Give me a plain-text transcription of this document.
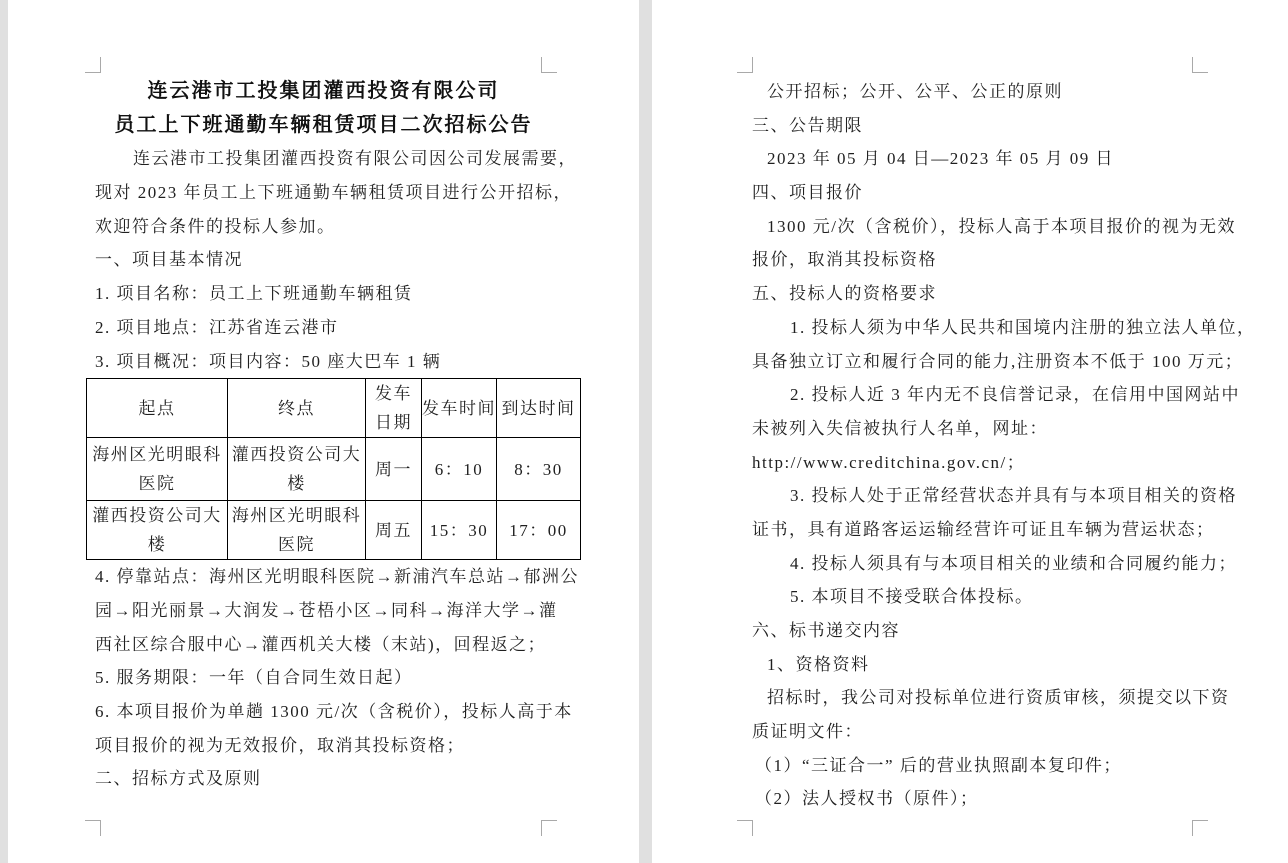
连云港市工投集团灌西投资有限公司
员工上下班通勤车辆租赁项目二次招标公告
连云港市工投集团灌西投资有限公司因公司发展需要，
现对 2023 年员工上下班通勤车辆租赁项目进行公开招标，
欢迎符合条件的投标人参加。
一、项目基本情况
1. 项目名称：员工上下班通勤车辆租赁
2. 项目地点：江苏省连云港市
3. 项目概况：项目内容：50 座大巴车 1 辆
起点	终点	发车日期	发车时间	到达时间
海州区光明眼科医院	灌西投资公司大楼	周一	6：10	8：30
灌西投资公司大楼	海州区光明眼科医院	周五	15：30	17：00
4. 停靠站点：海州区光明眼科医院→新浦汽车总站→郁洲公
园→阳光丽景→大润发→苍梧小区→同科→海洋大学→灌
西社区综合服中心→灌西机关大楼（末站)，回程返之；
5. 服务期限：一年（自合同生效日起）
6. 本项目报价为单趟 1300 元/次（含税价），投标人高于本
项目报价的视为无效报价，取消其投标资格；
二、招标方式及原则
公开招标；公开、公平、公正的原则
三、公告期限
2023 年 05 月 04 日—2023 年 05 月 09 日
四、项目报价
1300 元/次（含税价），投标人高于本项目报价的视为无效
报价，取消其投标资格
五、投标人的资格要求
1. 投标人须为中华人民共和国境内注册的独立法人单位，
具备独立订立和履行合同的能力,注册资本不低于 100 万元；
2. 投标人近 3 年内无不良信誉记录，在信用中国网站中
未被列入失信被执行人名单，网址：
http://www.creditchina.gov.cn/；
3. 投标人处于正常经营状态并具有与本项目相关的资格
证书，具有道路客运运输经营许可证且车辆为营运状态；
4. 投标人须具有与本项目相关的业绩和合同履约能力；
5. 本项目不接受联合体投标。
六、标书递交内容
1、资格资料
招标时，我公司对投标单位进行资质审核，须提交以下资
质证明文件：
（1）“三证合一” 后的营业执照副本复印件；
（2）法人授权书（原件）；
